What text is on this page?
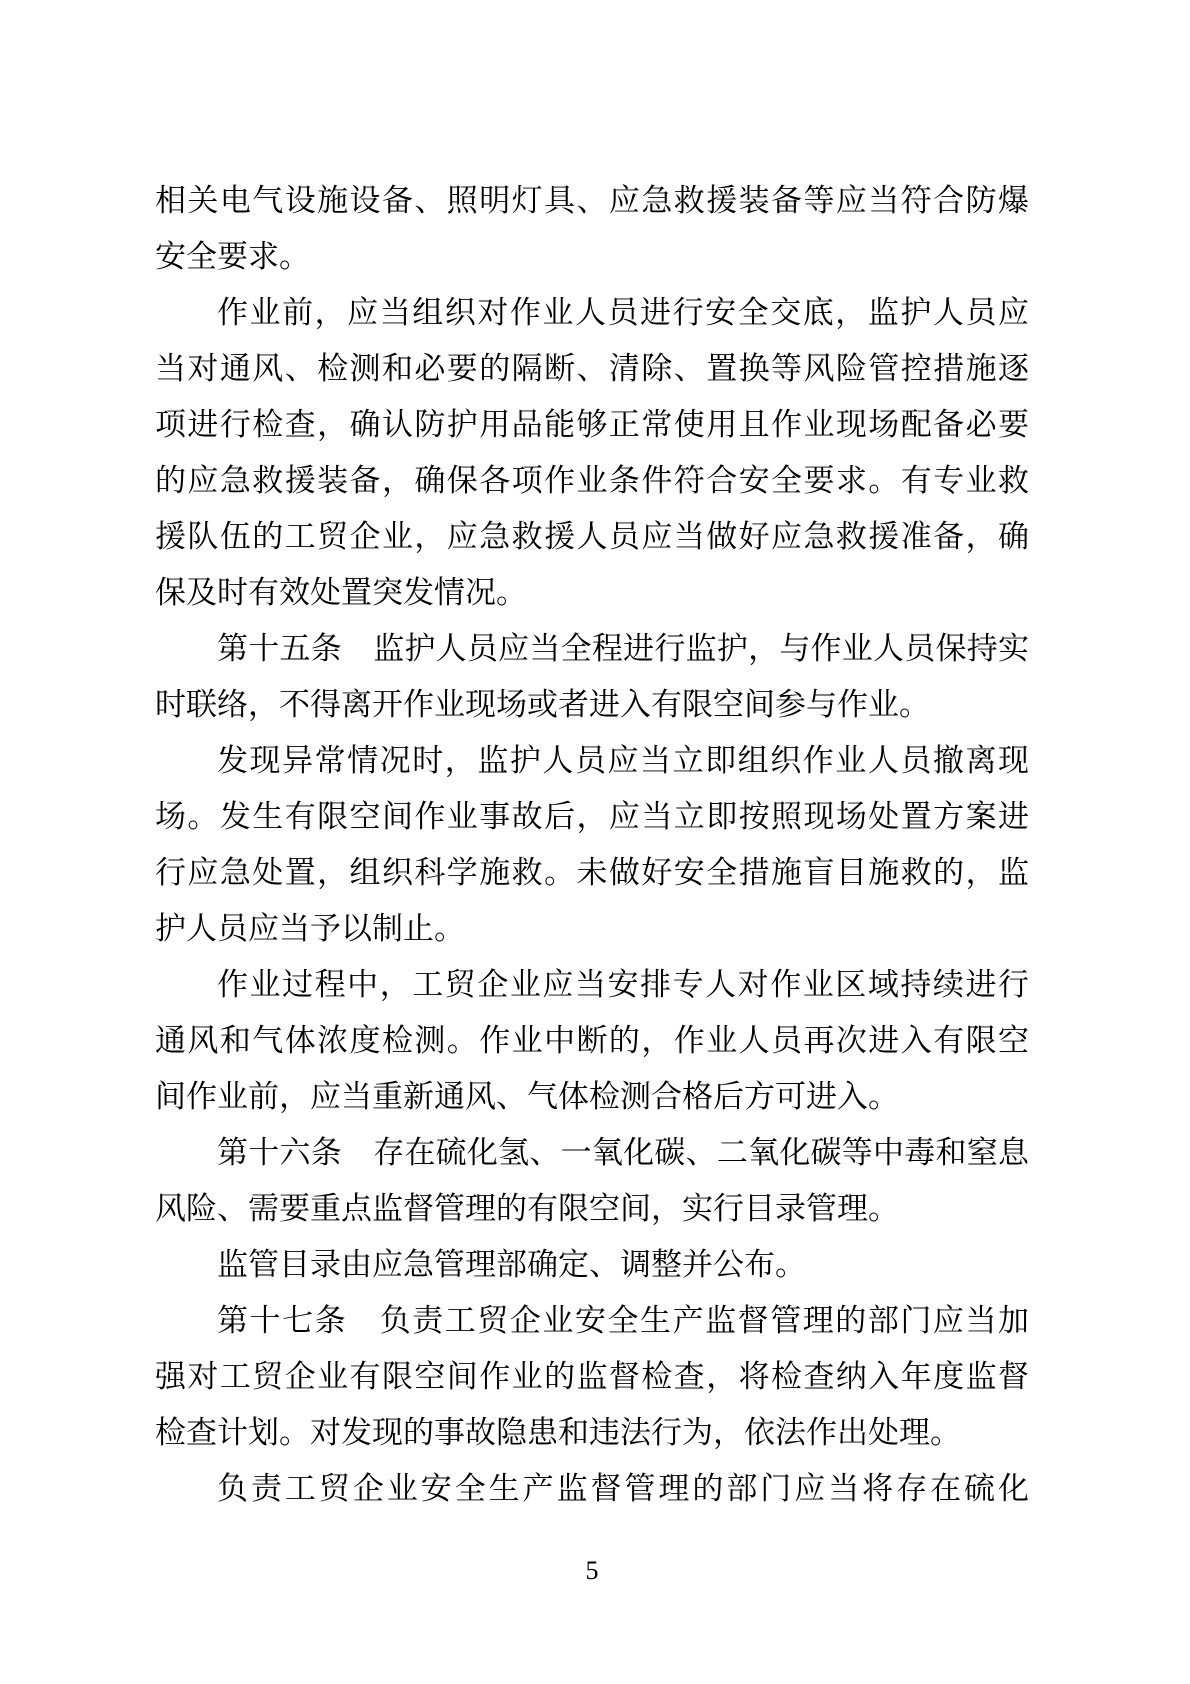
相关电气设施设备、照明灯具、应急救援装备等应当符合防爆
安全要求。
作业前，应当组织对作业人员进行安全交底，监护人员应
当对通风、检测和必要的隔断、清除、置换等风险管控措施逐
项进行检查，确认防护用品能够正常使用且作业现场配备必要
的应急救援装备，确保各项作业条件符合安全要求。有专业救
援队伍的工贸企业，应急救援人员应当做好应急救援准备，确
保及时有效处置突发情况。
第十五条　监护人员应当全程进行监护，与作业人员保持实
时联络，不得离开作业现场或者进入有限空间参与作业。
发现异常情况时，监护人员应当立即组织作业人员撤离现
场。发生有限空间作业事故后，应当立即按照现场处置方案进
行应急处置，组织科学施救。未做好安全措施盲目施救的，监
护人员应当予以制止。
作业过程中，工贸企业应当安排专人对作业区域持续进行
通风和气体浓度检测。作业中断的，作业人员再次进入有限空
间作业前，应当重新通风、气体检测合格后方可进入。
第十六条　存在硫化氢、一氧化碳、二氧化碳等中毒和窒息
风险、需要重点监督管理的有限空间，实行目录管理。
监管目录由应急管理部确定、调整并公布。
第十七条　负责工贸企业安全生产监督管理的部门应当加
强对工贸企业有限空间作业的监督检查，将检查纳入年度监督
检查计划。对发现的事故隐患和违法行为，依法作出处理。
负责工贸企业安全生产监督管理的部门应当将存在硫化
5
